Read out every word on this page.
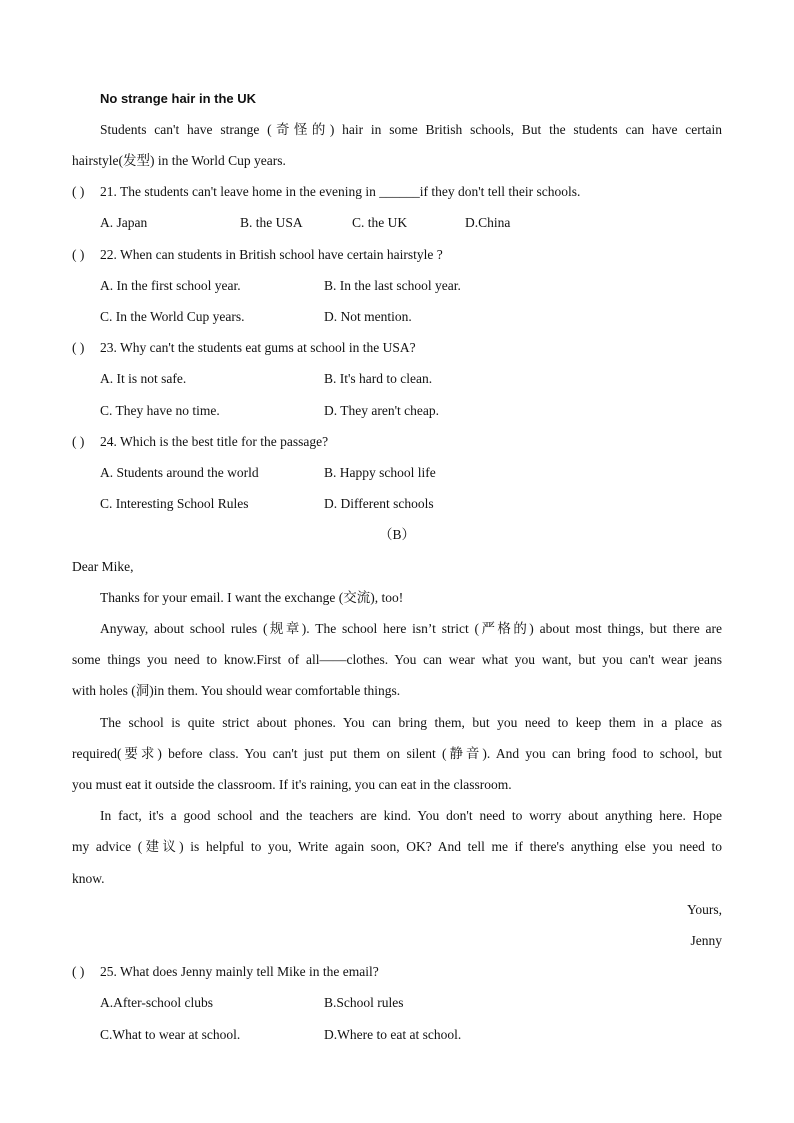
No strange hair in the UK
Students can't have strange (奇怪的) hair in some British schools, But the students can have certain
hairstyle(发型) in the World Cup years.
( ) 21. The students can't leave home in the evening in ______if they don't tell their schools.
A. Japan	B. the USA	C. the UK	D.China
( ) 22. When can students in British school have certain hairstyle ?
A. In the first school year.	B. In the last school year.
C. In the World Cup years.	D. Not mention.
( ) 23. Why can't the students eat gums at school in the USA?
A. It is not safe.	B. It's hard to clean.
C. They have no time.	D. They aren't cheap.
( ) 24. Which is the best title for the passage?
A. Students around the world	B. Happy school life
C. Interesting School Rules	D. Different schools
（B）
Dear Mike,
Thanks for your email. I want the exchange (交流), too!
Anyway, about school rules (规章). The school here isn’t strict (严格的) about most things, but there are
some things you need to know.First of all——clothes. You can wear what you want, but you can't wear jeans
with holes (洞)in them. You should wear comfortable things.
The school is quite strict about phones. You can bring them, but you need to keep them in a place as
required(要求) before class. You can't just put them on silent (静音). And you can bring food to school, but
you must eat it outside the classroom. If it's raining, you can eat in the classroom.
In fact, it's a good school and the teachers are kind. You don't need to worry about anything here. Hope
my advice (建议) is helpful to you, Write again soon, OK? And tell me if there's anything else you need to
know.
Yours,
Jenny
( ) 25. What does Jenny mainly tell Mike in the email?
A.After-school clubs	B.School rules
C.What to wear at school.	D.Where to eat at school.
